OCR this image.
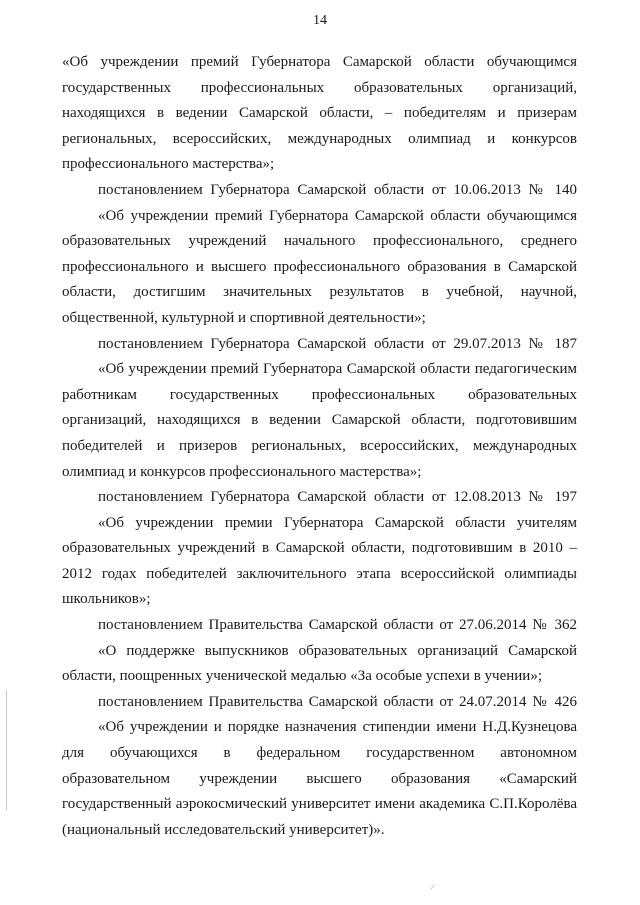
14

«Об учреждении премий Губернатора Самарской области обучающимся государственных профессиональных образовательных организаций, находящихся в ведении Самарской области, – победителям и призерам региональных, всероссийских, международных олимпиад и конкурсов профессионального мастерства»;

постановлением Губернатора Самарской области от 10.06.2013 № 140
«Об учреждении премий Губернатора Самарской области обучающимся образовательных учреждений начального профессионального, среднего профессионального и высшего профессионального образования в Самарской области, достигшим значительных результатов в учебной, научной, общественной, культурной и спортивной деятельности»;

постановлением Губернатора Самарской области от 29.07.2013 № 187
«Об учреждении премий Губернатора Самарской области педагогическим работникам государственных профессиональных образовательных организаций, находящихся в ведении Самарской области, подготовившим победителей и призеров региональных, всероссийских, международных олимпиад и конкурсов профессионального мастерства»;

постановлением Губернатора Самарской области от 12.08.2013 № 197
«Об учреждении премии Губернатора Самарской области учителям образовательных учреждений в Самарской области, подготовившим в 2010 – 2012 годах победителей заключительного этапа всероссийской олимпиады школьников»;

постановлением Правительства Самарской области от 27.06.2014 № 362
«О поддержке выпускников образовательных организаций Самарской области, поощренных ученической медалью «За особые успехи в учении»;

постановлением Правительства Самарской области от 24.07.2014 № 426
«Об учреждении и порядке назначения стипендии имени Н.Д.Кузнецова для обучающихся в федеральном государственном автономном образовательном учреждении высшего образования «Самарский государственный аэрокосмический университет имени академика С.П.Королёва (национальный исследовательский университет)».
